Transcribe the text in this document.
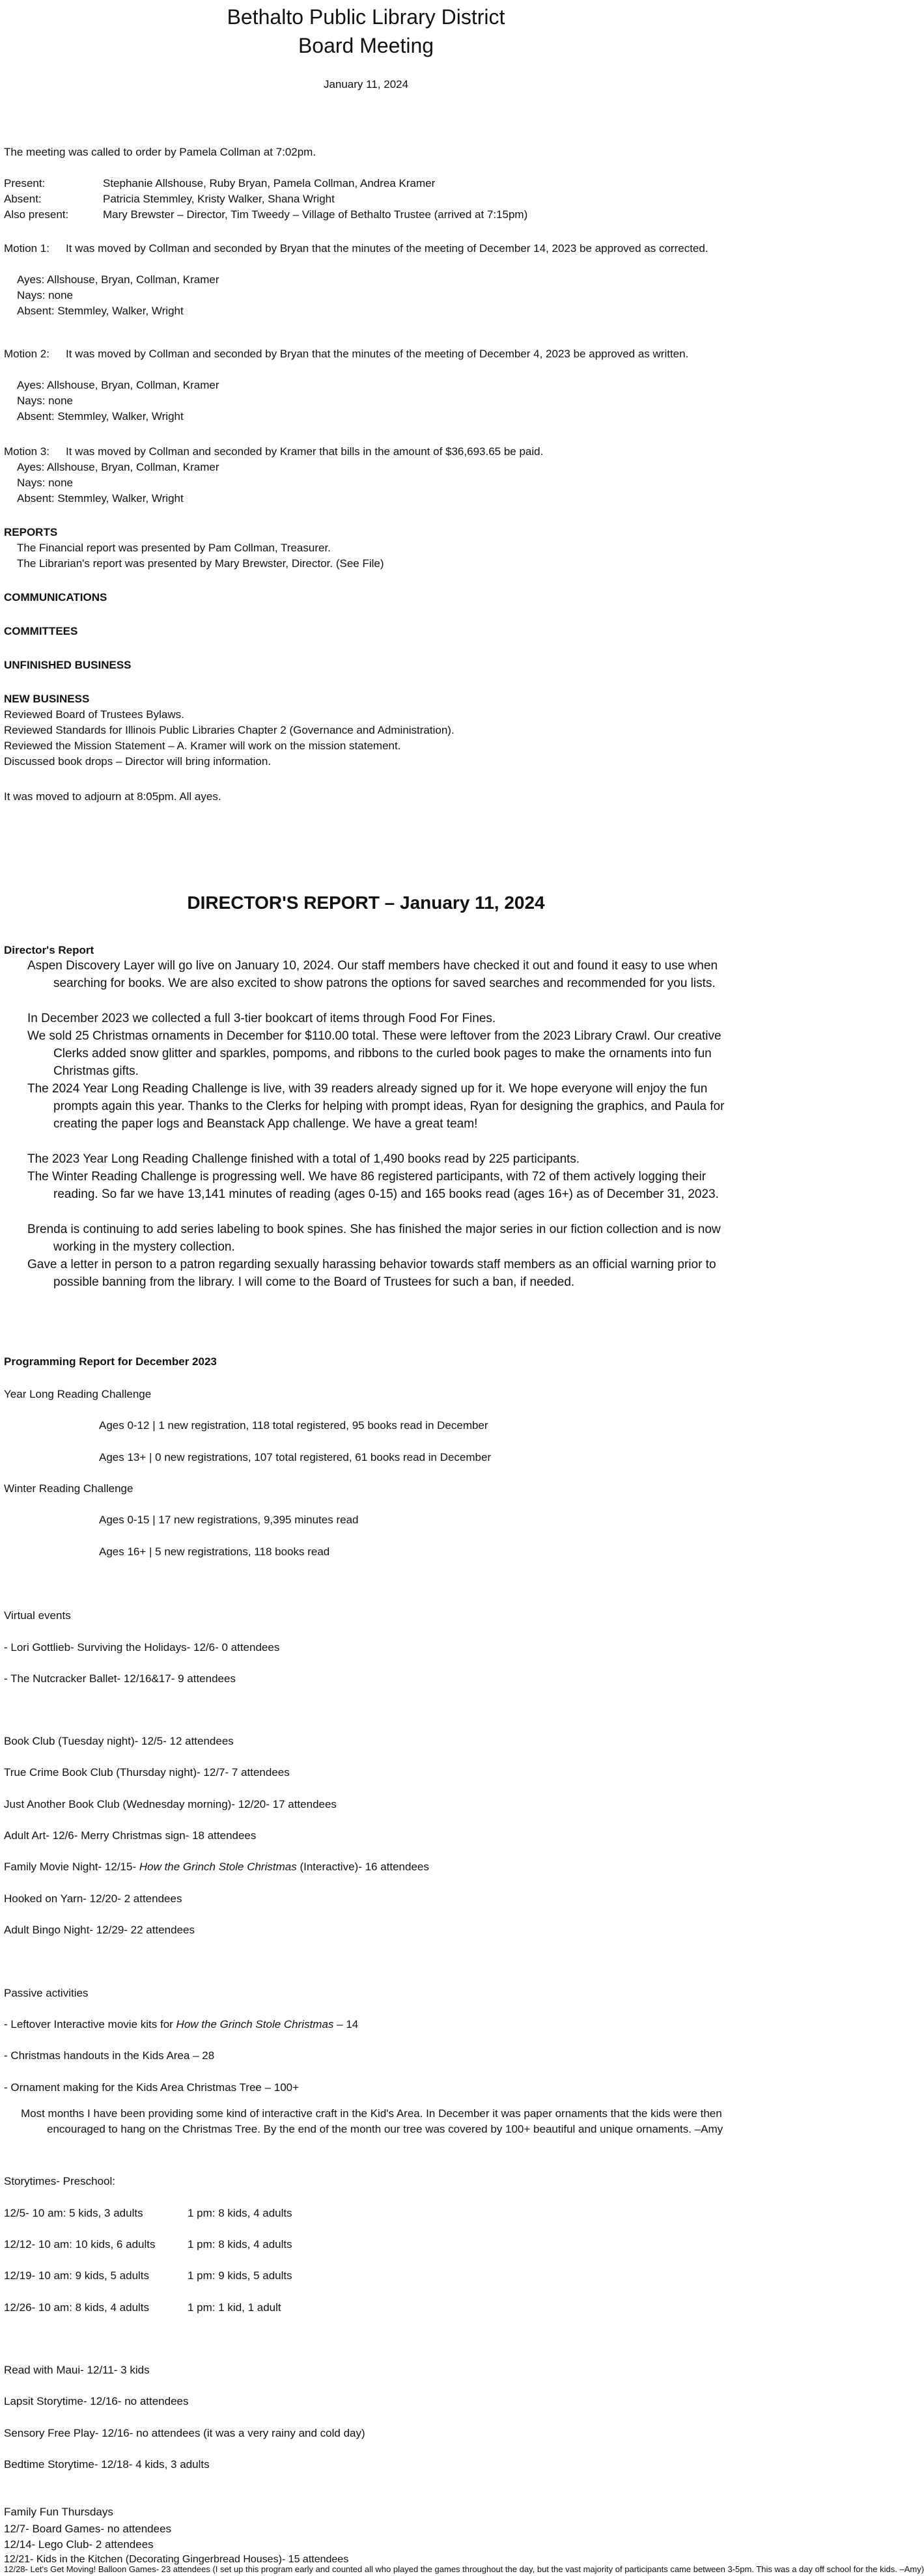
Bethalto Public Library District
Board Meeting
January 11, 2024
The meeting was called to order by Pamela Collman at 7:02pm.
Present:	Stephanie Allshouse, Ruby Bryan, Pamela Collman, Andrea Kramer
Absent:	Patricia Stemmley, Kristy Walker, Shana Wright
Also present:	Mary Brewster – Director, Tim Tweedy – Village of Bethalto Trustee (arrived at 7:15pm)
Motion 1:	It was moved by Collman and seconded by Bryan that the minutes of the meeting of December 14, 2023 be approved as corrected.
Ayes: Allshouse, Bryan, Collman, Kramer
Nays: none
Absent: Stemmley, Walker, Wright
Motion 2:	It was moved by Collman and seconded by Bryan that the minutes of the meeting of December 4, 2023 be approved as written.
Ayes: Allshouse, Bryan, Collman, Kramer
Nays: none
Absent: Stemmley, Walker, Wright
Motion 3:	It was moved by Collman and seconded by Kramer that bills in the amount of $36,693.65 be paid.
Ayes: Allshouse, Bryan, Collman, Kramer
Nays: none
Absent: Stemmley, Walker, Wright
REPORTS
The Financial report was presented by Pam Collman, Treasurer.
The Librarian's report was presented by Mary Brewster, Director. (See File)
COMMUNICATIONS
COMMITTEES
UNFINISHED BUSINESS
NEW BUSINESS
Reviewed Board of Trustees Bylaws.
Reviewed Standards for Illinois Public Libraries Chapter 2 (Governance and Administration).
Reviewed the Mission Statement – A. Kramer will work on the mission statement.
Discussed book drops – Director will bring information.
It was moved to adjourn at 8:05pm. All ayes.
DIRECTOR'S REPORT – January 11, 2024
Director's Report
Aspen Discovery Layer will go live on January 10, 2024. Our staff members have checked it out and found it easy to use when searching for books. We are also excited to show patrons the options for saved searches and recommended for you lists.
In December 2023 we collected a full 3-tier bookcart of items through Food For Fines.
We sold 25 Christmas ornaments in December for $110.00 total. These were leftover from the 2023 Library Crawl. Our creative Clerks added snow glitter and sparkles, pompoms, and ribbons to the curled book pages to make the ornaments into fun Christmas gifts.
The 2024 Year Long Reading Challenge is live, with 39 readers already signed up for it. We hope everyone will enjoy the fun prompts again this year. Thanks to the Clerks for helping with prompt ideas, Ryan for designing the graphics, and Paula for creating the paper logs and Beanstack App challenge. We have a great team!
The 2023 Year Long Reading Challenge finished with a total of 1,490 books read by 225 participants.
The Winter Reading Challenge is progressing well. We have 86 registered participants, with 72 of them actively logging their reading. So far we have 13,141 minutes of reading (ages 0-15) and 165 books read (ages 16+) as of December 31, 2023.
Brenda is continuing to add series labeling to book spines. She has finished the major series in our fiction collection and is now working in the mystery collection.
Gave a letter in person to a patron regarding sexually harassing behavior towards staff members as an official warning prior to possible banning from the library. I will come to the Board of Trustees for such a ban, if needed.
Programming Report for December 2023
Year Long Reading Challenge
Ages 0-12 | 1 new registration, 118 total registered, 95 books read in December
Ages 13+ | 0 new registrations, 107 total registered, 61 books read in December
Winter Reading Challenge
Ages 0-15 | 17 new registrations, 9,395 minutes read
Ages 16+ | 5 new registrations, 118 books read
Virtual events
- Lori Gottlieb- Surviving the Holidays- 12/6- 0 attendees
- The Nutcracker Ballet- 12/16&17- 9 attendees
Book Club (Tuesday night)- 12/5- 12 attendees
True Crime Book Club (Thursday night)- 12/7- 7 attendees
Just Another Book Club (Wednesday morning)- 12/20- 17 attendees
Adult Art- 12/6- Merry Christmas sign- 18 attendees
Family Movie Night- 12/15- How the Grinch Stole Christmas (Interactive)- 16 attendees
Hooked on Yarn- 12/20- 2 attendees
Adult Bingo Night- 12/29- 22 attendees
Passive activities
- Leftover Interactive movie kits for How the Grinch Stole Christmas – 14
- Christmas handouts in the Kids Area – 28
- Ornament making for the Kids Area Christmas Tree – 100+
Most months I have been providing some kind of interactive craft in the Kid's Area. In December it was paper ornaments that the kids were then encouraged to hang on the Christmas Tree. By the end of the month our tree was covered by 100+ beautiful and unique ornaments. –Amy
Storytimes- Preschool:
12/5- 10 am: 5 kids, 3 adults	1 pm: 8 kids, 4 adults
12/12- 10 am: 10 kids, 6 adults	1 pm: 8 kids, 4 adults
12/19- 10 am: 9 kids, 5 adults	1 pm: 9 kids, 5 adults
12/26- 10 am: 8 kids, 4 adults	1 pm: 1 kid, 1 adult
Read with Maui- 12/11- 3 kids
Lapsit Storytime- 12/16- no attendees
Sensory Free Play- 12/16- no attendees (it was a very rainy and cold day)
Bedtime Storytime- 12/18- 4 kids, 3 adults
Family Fun Thursdays
12/7- Board Games- no attendees
12/14- Lego Club- 2 attendees
12/21- Kids in the Kitchen (Decorating Gingerbread Houses)- 15 attendees
12/28- Let's Get Moving! Balloon Games- 23 attendees (I set up this program early and counted all who played the games throughout the day, but the vast majority of participants came between 3-5pm. This was a day off school for the kids. –Amy)
